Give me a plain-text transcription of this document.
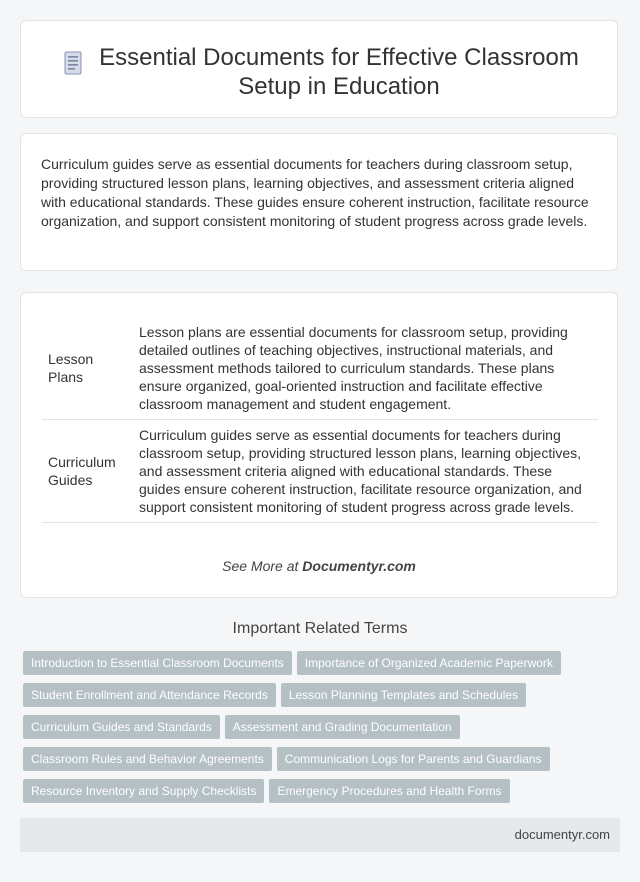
Essential Documents for Effective Classroom Setup in Education

Curriculum guides serve as essential documents for teachers during classroom setup, providing structured lesson plans, learning objectives, and assessment criteria aligned with educational standards. These guides ensure coherent instruction, facilitate resource organization, and support consistent monitoring of student progress across grade levels.

Lesson Plans	Lesson plans are essential documents for classroom setup, providing detailed outlines of teaching objectives, instructional materials, and assessment methods tailored to curriculum standards. These plans ensure organized, goal-oriented instruction and facilitate effective classroom management and student engagement.
Curriculum Guides	Curriculum guides serve as essential documents for teachers during classroom setup, providing structured lesson plans, learning objectives, and assessment criteria aligned with educational standards. These guides ensure coherent instruction, facilitate resource organization, and support consistent monitoring of student progress across grade levels.
See More at Documentyr.com
Important Related Terms
Introduction to Essential Classroom Documents Importance of Organized Academic Paperwork
Student Enrollment and Attendance Records Lesson Planning Templates and Schedules
Curriculum Guides and Standards Assessment and Grading Documentation
Classroom Rules and Behavior Agreements Communication Logs for Parents and Guardians
Resource Inventory and Supply Checklists Emergency Procedures and Health Forms
documentyr.com
